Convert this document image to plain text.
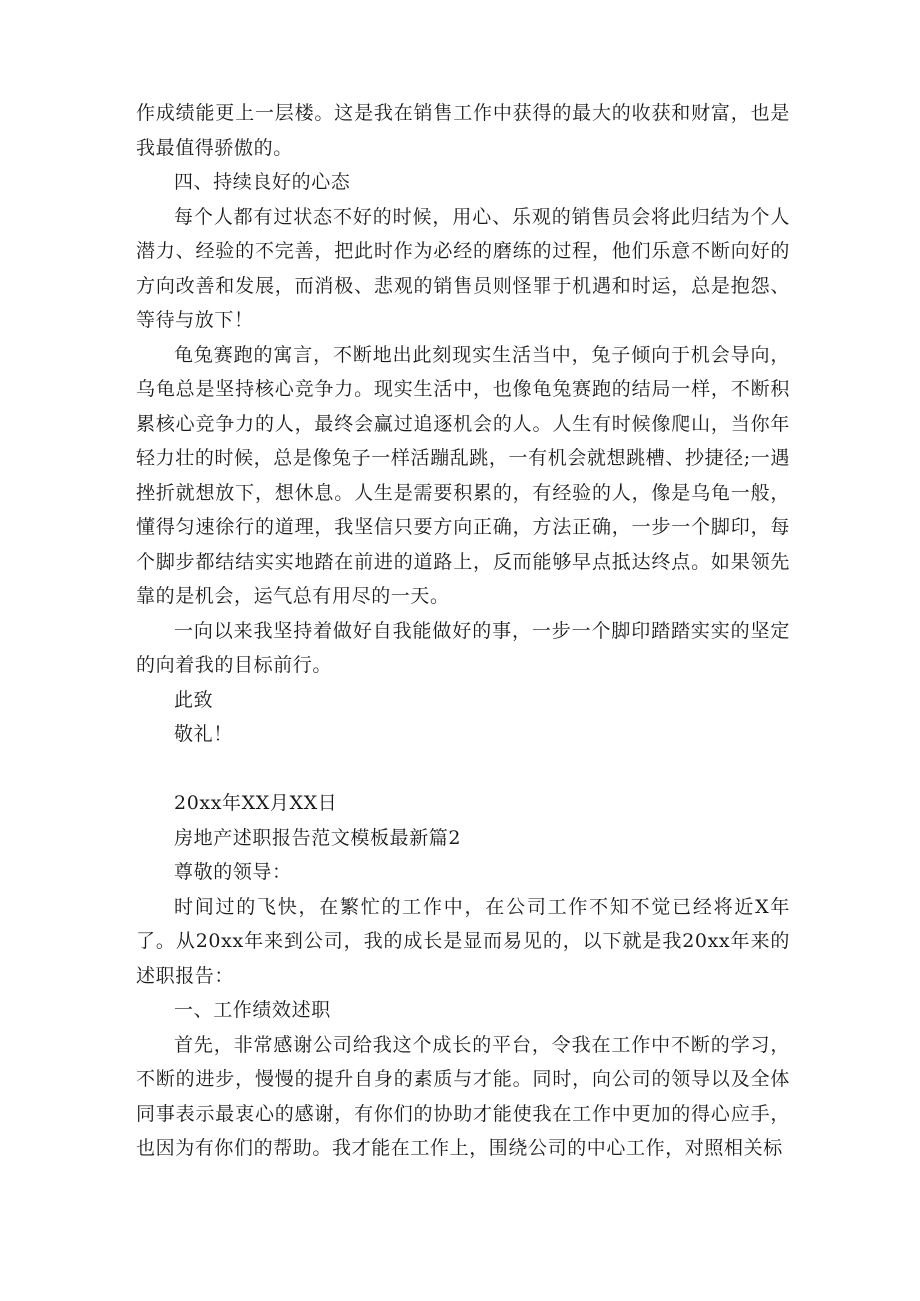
作成绩能更上一层楼。这是我在销售工作中获得的最大的收获和财富，也是我最值得骄傲的。

四、持续良好的心态

每个人都有过状态不好的时候，用心、乐观的销售员会将此归结为个人潜力、经验的不完善，把此时作为必经的磨练的过程，他们乐意不断向好的方向改善和发展，而消极、悲观的销售员则怪罪于机遇和时运，总是抱怨、等待与放下！

龟兔赛跑的寓言，不断地出此刻现实生活当中，兔子倾向于机会导向，乌龟总是坚持核心竞争力。现实生活中，也像龟兔赛跑的结局一样，不断积累核心竞争力的人，最终会赢过追逐机会的人。人生有时候像爬山，当你年轻力壮的时候，总是像兔子一样活蹦乱跳，一有机会就想跳槽、抄捷径;一遇挫折就想放下，想休息。人生是需要积累的，有经验的人，像是乌龟一般，懂得匀速徐行的道理，我坚信只要方向正确，方法正确，一步一个脚印，每个脚步都结结实实地踏在前进的道路上，反而能够早点抵达终点。如果领先靠的是机会，运气总有用尽的一天。

一向以来我坚持着做好自我能做好的事，一步一个脚印踏踏实实的坚定的向着我的目标前行。

此致

敬礼！

20xx年XX月XX日

房地产述职报告范文模板最新篇2

尊敬的领导：

时间过的飞快，在繁忙的工作中，在公司工作不知不觉已经将近X年了。从20xx年来到公司，我的成长是显而易见的，以下就是我20xx年来的述职报告：

一、工作绩效述职

首先，非常感谢公司给我这个成长的平台，令我在工作中不断的学习，不断的进步，慢慢的提升自身的素质与才能。同时，向公司的领导以及全体同事表示最衷心的感谢，有你们的协助才能使我在工作中更加的得心应手，也因为有你们的帮助。我才能在工作上，围绕公司的中心工作，对照相关标
